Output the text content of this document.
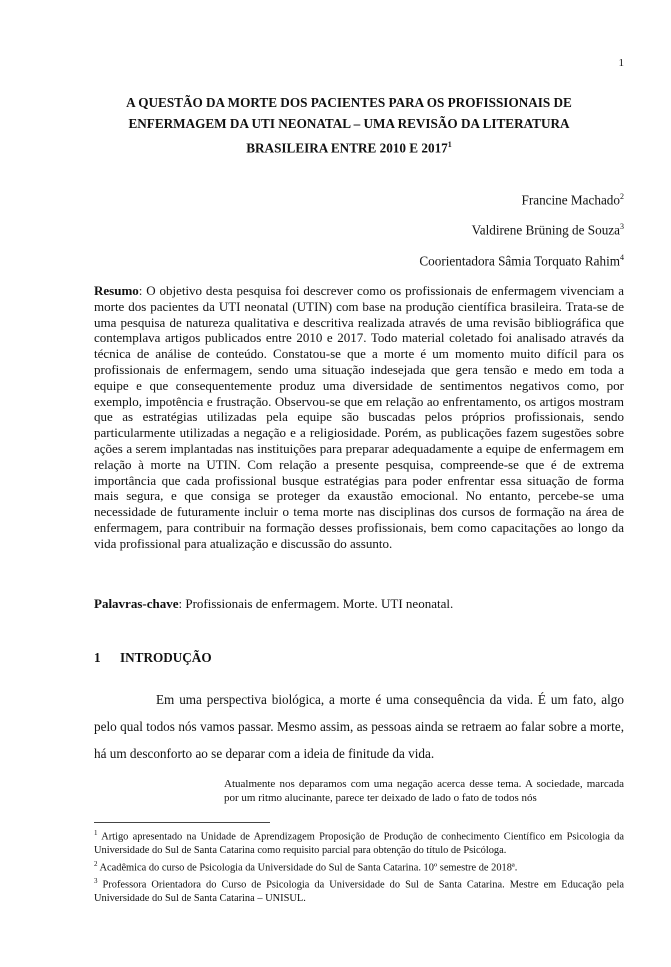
1
A QUESTÃO DA MORTE DOS PACIENTES PARA OS PROFISSIONAIS DE ENFERMAGEM DA UTI NEONATAL – UMA REVISÃO DA LITERATURA BRASILEIRA ENTRE 2010 E 2017$^1$
Francine Machado$^2$
Valdirene Brüning de Souza$^3$
Coorientadora Sâmia Torquato Rahim$^4$

Resumo: O objetivo desta pesquisa foi descrever como os profissionais de enfermagem vivenciam a morte dos pacientes da UTI neonatal (UTIN) com base na produção científica brasileira. Trata-se de uma pesquisa de natureza qualitativa e descritiva realizada através de uma revisão bibliográfica que contemplava artigos publicados entre 2010 e 2017. Todo material coletado foi analisado através da técnica de análise de conteúdo. Constatou-se que a morte é um momento muito difícil para os profissionais de enfermagem, sendo uma situação indesejada que gera tensão e medo em toda a equipe e que consequentemente produz uma diversidade de sentimentos negativos como, por exemplo, impotência e frustração. Observou-se que em relação ao enfrentamento, os artigos mostram que as estratégias utilizadas pela equipe são buscadas pelos próprios profissionais, sendo particularmente utilizadas a negação e a religiosidade. Porém, as publicações fazem sugestões sobre ações a serem implantadas nas instituições para preparar adequadamente a equipe de enfermagem em relação à morte na UTIN. Com relação a presente pesquisa, compreende-se que é de extrema importância que cada profissional busque estratégias para poder enfrentar essa situação de forma mais segura, e que consiga se proteger da exaustão emocional. No entanto, percebe-se uma necessidade de futuramente incluir o tema morte nas disciplinas dos cursos de formação na área de enfermagem, para contribuir na formação desses profissionais, bem como capacitações ao longo da vida profissional para atualização e discussão do assunto.

Palavras-chave: Profissionais de enfermagem. Morte. UTI neonatal.

1 INTRODUÇÃO

Em uma perspectiva biológica, a morte é uma consequência da vida. É um fato, algo pelo qual todos nós vamos passar. Mesmo assim, as pessoas ainda se retraem ao falar sobre a morte, há um desconforto ao se deparar com a ideia de finitude da vida.

Atualmente nos deparamos com uma negação acerca desse tema. A sociedade, marcada por um ritmo alucinante, parece ter deixado de lado o fato de todos nós

$^1$ Artigo apresentado na Unidade de Aprendizagem Proposição de Produção de conhecimento Científico em Psicologia da Universidade do Sul de Santa Catarina como requisito parcial para obtenção do título de Psicóloga.

$^2$ Acadêmica do curso de Psicologia da Universidade do Sul de Santa Catarina. 10º semestre de 2018ª.

$^3$ Professora Orientadora do Curso de Psicologia da Universidade do Sul de Santa Catarina. Mestre em Educação pela Universidade do Sul de Santa Catarina – UNISUL.
